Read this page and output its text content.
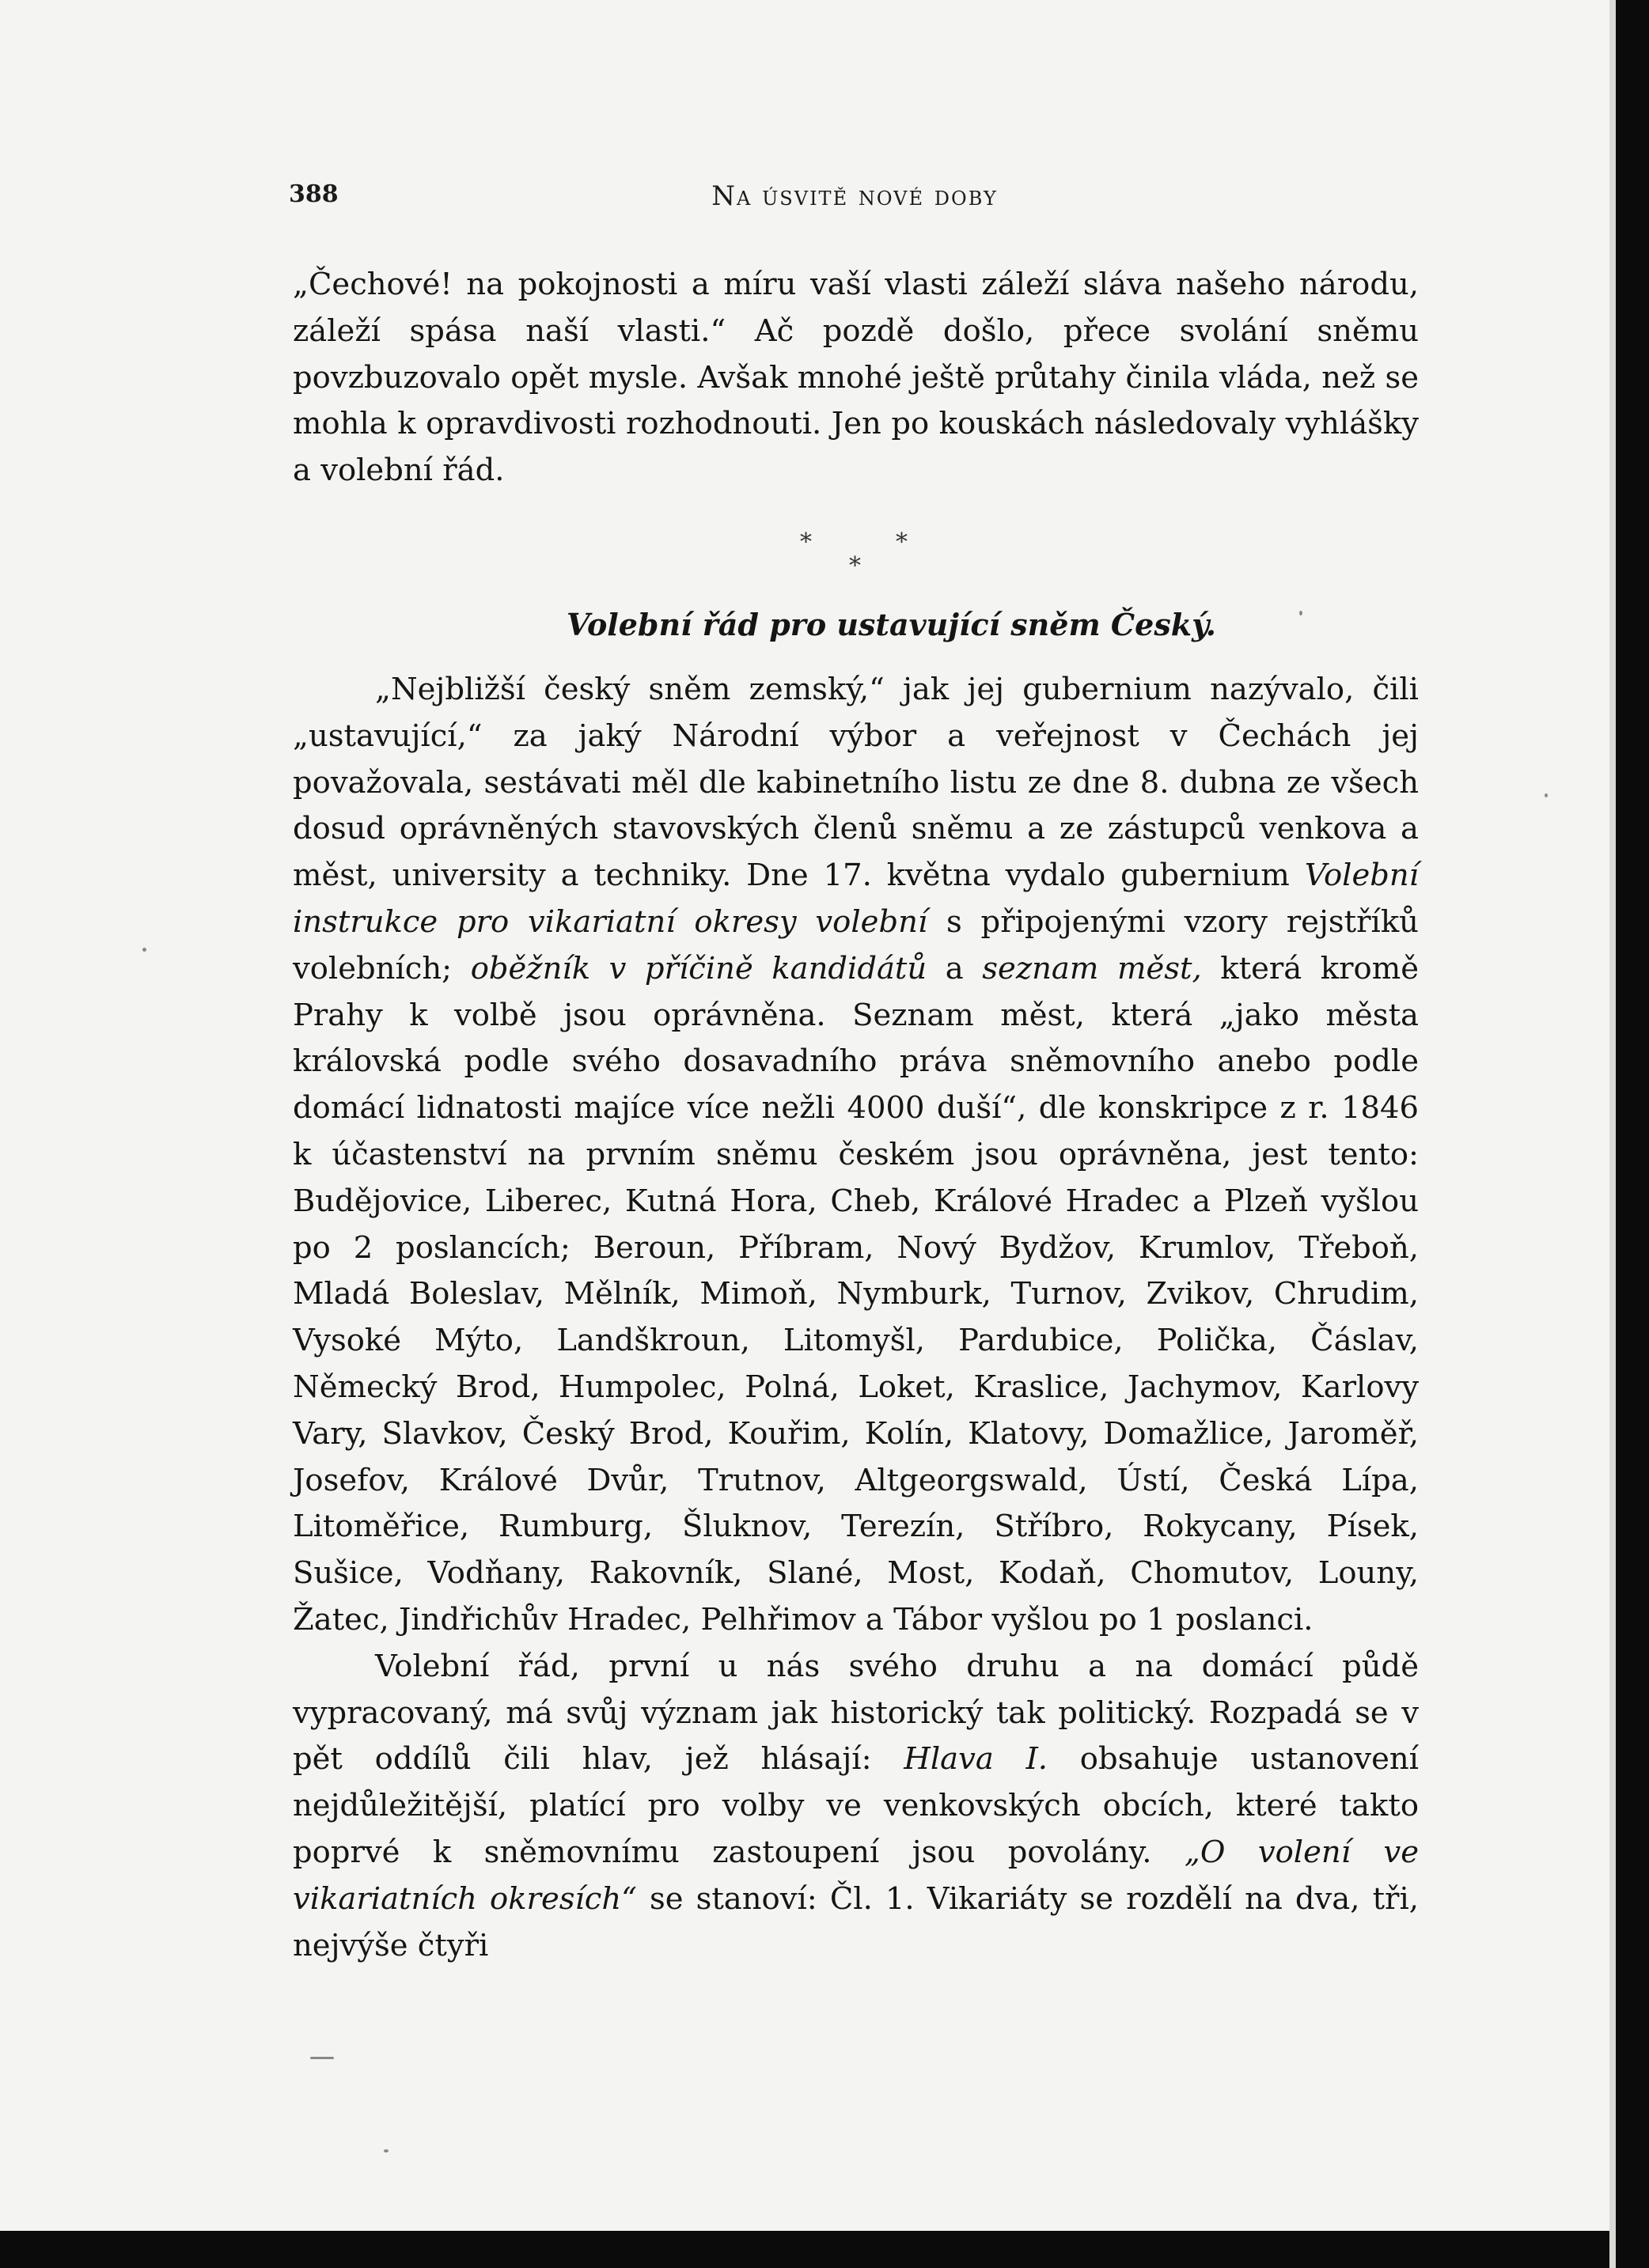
388	Na úsvitě nové doby

„Čechové! na pokojnosti a míru vaší vlasti záleží sláva našeho národu, záleží spása naší vlasti.“ Ač pozdě došlo, přece svolání sněmu povzbuzovalo opět mysle. Avšak mnohé ještě průtahy činila vláda, než se mohla k opravdivosti rozhodnouti. Jen po kouskách následovaly vyhlášky a volební řád.

*	*
*
Volební řád pro ustavující sněm Český.

„Nejbližší český sněm zemský,“ jak jej gubernium nazývalo, čili „ustavující,“ za jaký Národní výbor a veřejnost v Čechách jej považovala, sestávati měl dle kabinetního listu ze dne 8. dubna ze všech dosud oprávněných stavovských členů sněmu a ze zástupců venkova a měst, university a techniky. Dne 17. května vydalo gubernium Volební instrukce pro vikariatní okresy volební s připojenými vzory rejstříků volebních; oběžník v příčině kandidátů a seznam měst, která kromě Prahy k volbě jsou oprávněna. Seznam měst, která „jako města královská podle svého dosavadního práva sněmovního anebo podle domácí lidnatosti majíce více nežli 4000 duší“, dle konskripce z r. 1846 k účastenství na prvním sněmu českém jsou oprávněna, jest tento: Budějovice, Liberec, Kutná Hora, Cheb, Králové Hradec a Plzeň vyšlou po 2 poslancích; Beroun, Příbram, Nový Bydžov, Krumlov, Třeboň, Mladá Boleslav, Mělník, Mimoň, Nymburk, Turnov, Zvikov, Chrudim, Vysoké Mýto, Landškroun, Litomyšl, Pardubice, Polička, Čáslav, Německý Brod, Humpolec, Polná, Loket, Kraslice, Jachymov, Karlovy Vary, Slavkov, Český Brod, Kouřim, Kolín, Klatovy, Domažlice, Jaroměř, Josefov, Králové Dvůr, Trutnov, Altgeorgswald, Ústí, Česká Lípa, Litoměřice, Rumburg, Šluknov, Terezín, Stříbro, Rokycany, Písek, Sušice, Vodňany, Rakovník, Slané, Most, Kodaň, Chomutov, Louny, Žatec, Jindřichův Hradec, Pelhřimov a Tábor vyšlou po 1 poslanci.

Volební řád, první u nás svého druhu a na domácí půdě vypracovaný, má svůj význam jak historický tak politický. Rozpadá se v pět oddílů čili hlav, jež hlásají: Hlava I. obsahuje ustanovení nejdůležitější, platící pro volby ve venkovských obcích, které takto poprvé k sněmovnímu zastoupení jsou povolány. „O volení ve vikariatních okresích“ se stanoví: Čl. 1. Vikariáty se rozdělí na dva, tři, nejvýše čtyři
